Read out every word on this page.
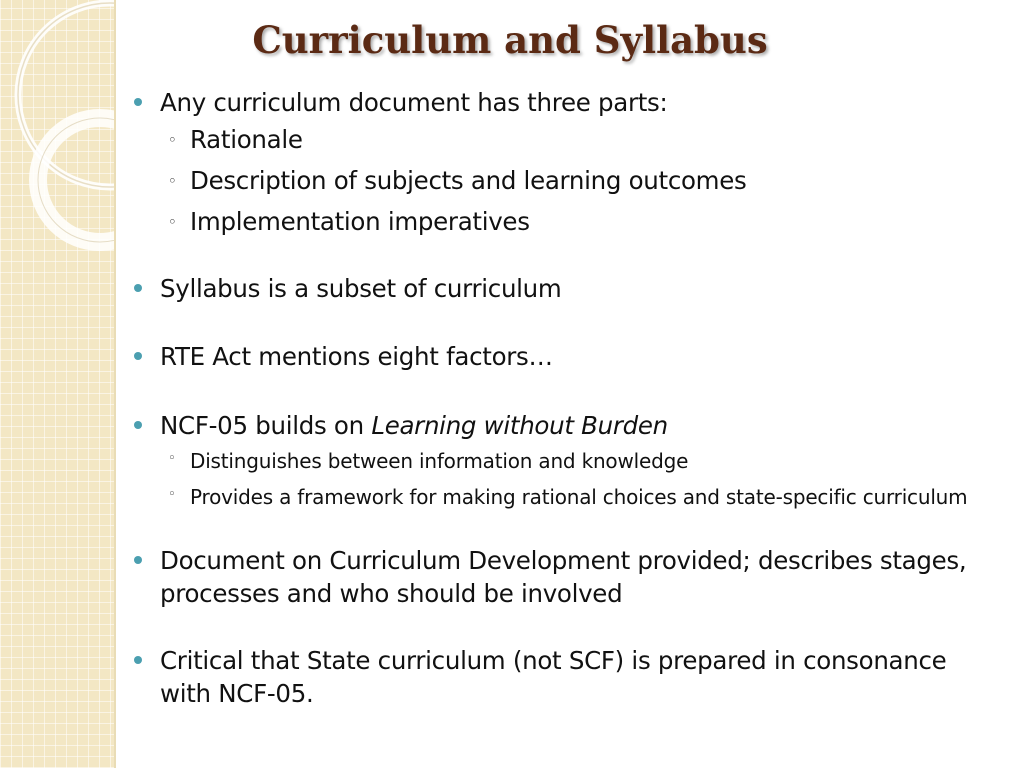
Curriculum and Syllabus
Any curriculum document has three parts:
◦ Rationale
◦ Description of subjects and learning outcomes
◦ Implementation imperatives
Syllabus is a subset of curriculum
RTE Act mentions eight factors…
NCF-05 builds on Learning without Burden
◦ Distinguishes between information and knowledge
◦ Provides a framework for making rational choices and state-specific curriculum
Document on Curriculum Development provided; describes stages, processes and who should be involved
Critical that State curriculum (not SCF) is prepared in consonance with NCF-05.
